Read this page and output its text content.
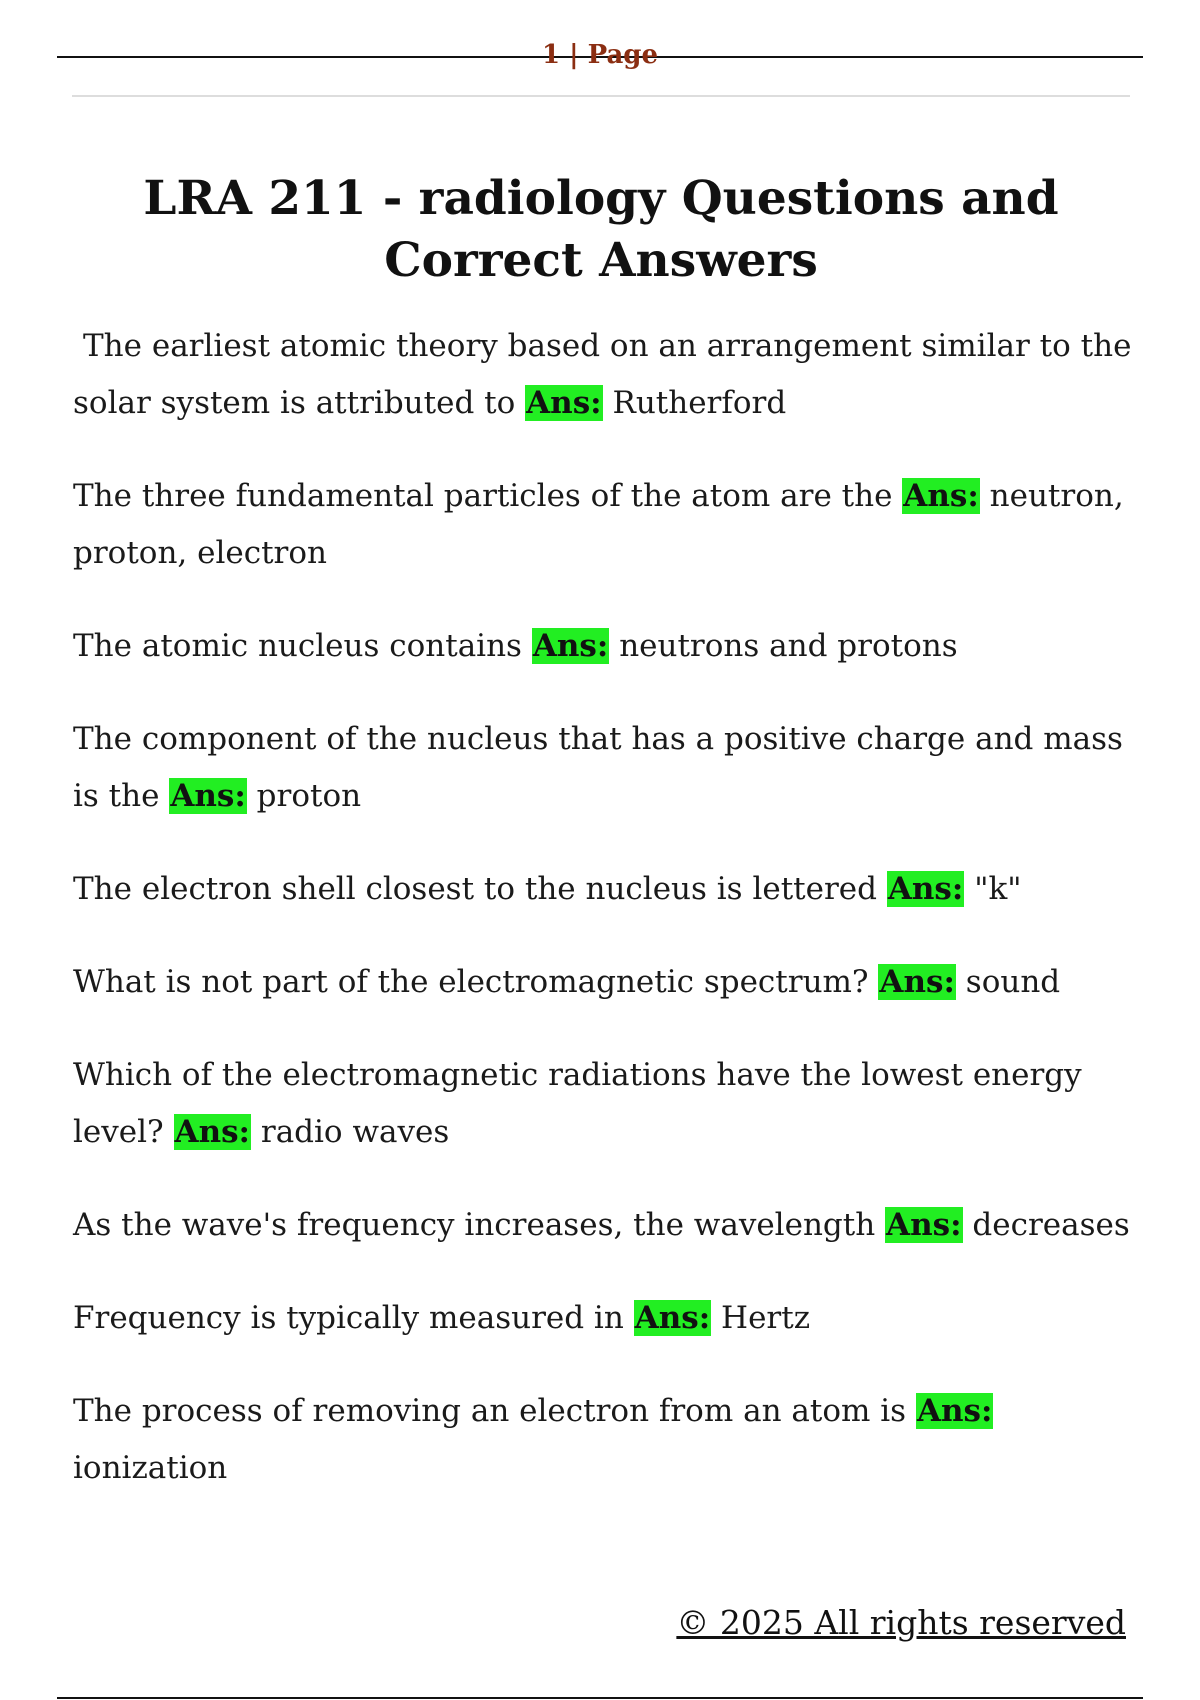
1 | Page
LRA 211 - radiology Questions and Correct Answers

The earliest atomic theory based on an arrangement similar to the solar system is attributed to Ans: Rutherford

The three fundamental particles of the atom are the Ans: neutron, proton, electron

The atomic nucleus contains Ans: neutrons and protons

The component of the nucleus that has a positive charge and mass is the Ans: proton

The electron shell closest to the nucleus is lettered Ans: "k"

What is not part of the electromagnetic spectrum? Ans: sound

Which of the electromagnetic radiations have the lowest energy level? Ans: radio waves

As the wave's frequency increases, the wavelength Ans: decreases

Frequency is typically measured in Ans: Hertz

The process of removing an electron from an atom is Ans:
ionization

© 2025 All rights reserved
